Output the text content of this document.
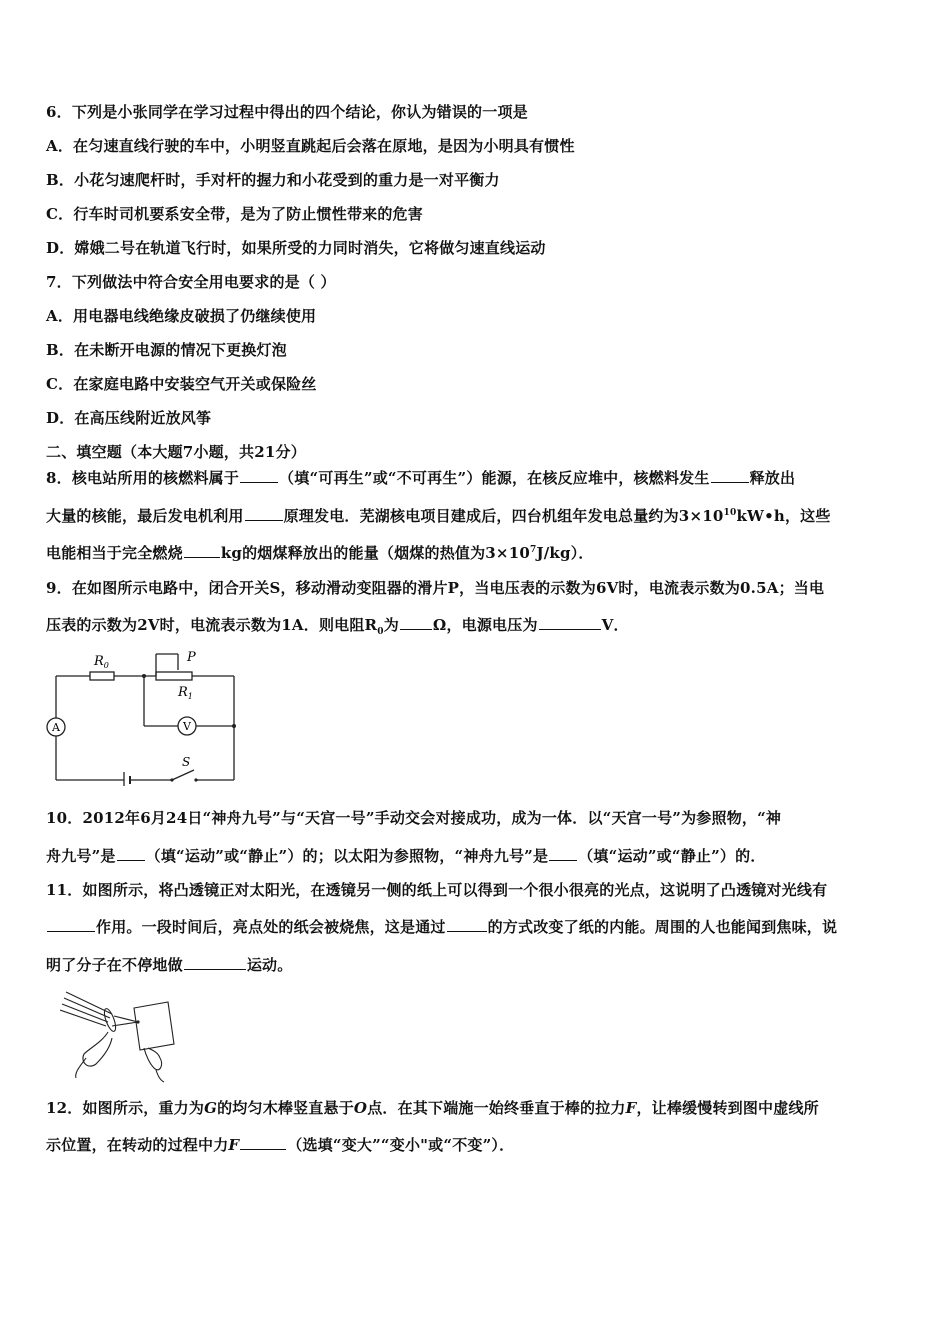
6．下列是小张同学在学习过程中得出的四个结论，你认为错误的一项是
A．在匀速直线行驶的车中，小明竖直跳起后会落在原地，是因为小明具有惯性
B．小花匀速爬杆时，手对杆的握力和小花受到的重力是一对平衡力
C．行车时司机要系安全带，是为了防止惯性带来的危害
D．嫦娥二号在轨道飞行时，如果所受的力同时消失，它将做匀速直线运动
7．下列做法中符合安全用电要求的是（ ）
A．用电器电线绝缘皮破损了仍继续使用
B．在未断开电源的情况下更换灯泡
C．在家庭电路中安装空气开关或保险丝
D．在高压线附近放风筝
二、填空题（本大题7小题，共21分）
8．核电站所用的核燃料属于	（填“可再生”或“不可再生”）能源，在核反应堆中，核燃料发生	释放出
大量的核能，最后发电机利用	原理发电．芜湖核电项目建成后，四台机组年发电总量约为$3\times 10^{10}kW•h$，这些
电能相当于完全燃烧	kg的烟煤释放出的能量（烟煤的热值为$3\times 10^7J/kg$）．
9．在如图所示电路中，闭合开关S，移动滑动变阻器的滑片P，当电压表的示数为6V时，电流表示数为0.5A；当电
压表的示数为2V时，电流表示数为1A．则电阻$R_0$为 Ω，电源电压为	V．
$R_0$
P
$R_1$
A	V
S
10．2012年6月24日“神舟九号”与“天宫一号”手动交会对接成功，成为一体．以“天宫一号”为参照物，“神
舟九号”是 （填“运动”或“静止”）的；以太阳为参照物，“神舟九号”是 （填“运动”或“静止”）的．
11．如图所示，将凸透镜正对太阳光，在透镜另一侧的纸上可以得到一个很小很亮的光点，这说明了凸透镜对光线有
作用。一段时间后，亮点处的纸会被烧焦，这是通过	的方式改变了纸的内能。周围的人也能闻到焦味，说
明了分子在不停地做	运动。
12．如图所示，重力为G的均匀木棒竖直悬于O点．在其下端施一始终垂直于棒的拉力F，让棒缓慢转到图中虚线所
示位置，在转动的过程中力F	（选填“变大”“变小"或“不变”）．
